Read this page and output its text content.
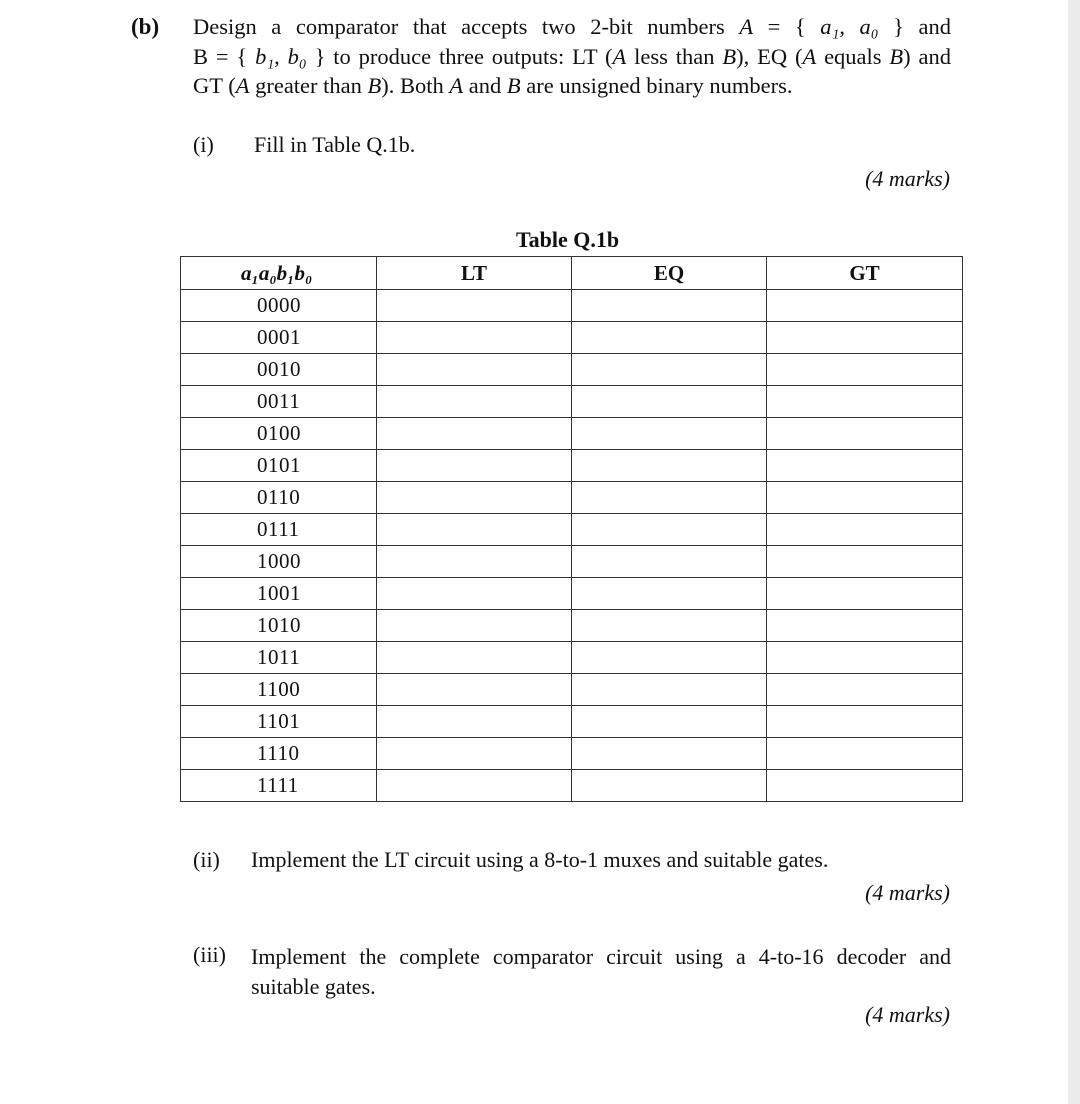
(b) Design a comparator that accepts two 2-bit numbers A = { a₁, a₀ } and
B = { b₁, b₀ } to produce three outputs: LT (A less than B), EQ (A equals B) and
GT (A greater than B). Both A and B are unsigned binary numbers.
(i) Fill in Table Q.1b.
(4 marks)
Table Q.1b
a₁a₀b₁b₀	LT	EQ	GT
0000			
0001			
0010			
0011			
0100			
0101			
0110			
0111			
1000			
1001			
1010			
1011			
1100			
1101			
1110			
1111			
(ii) Implement the LT circuit using a 8-to-1 muxes and suitable gates.
(4 marks)
(iii) Implement the complete comparator circuit using a 4-to-16 decoder and
suitable gates.
(4 marks)
